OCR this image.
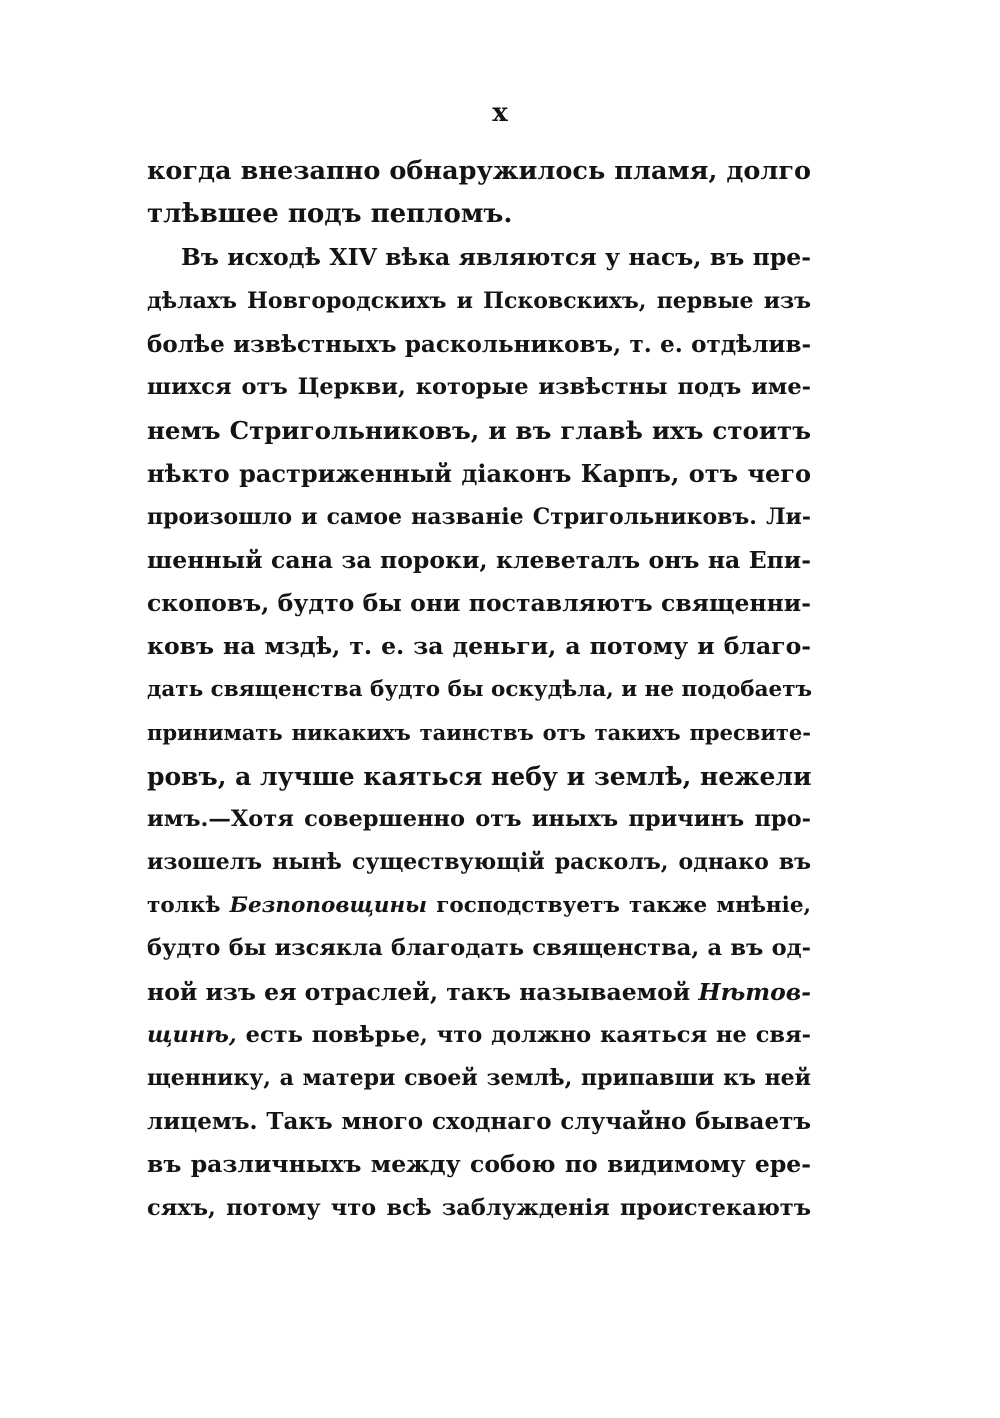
x
когда внезапно обнаружилось пламя, долго
тлѣвшее подъ пепломъ.
Въ исходѣ XIV вѣка являются у насъ, въ пре-
дѣлахъ Новгородскихъ и Псковскихъ, первые изъ
болѣе извѣстныхъ раскольниковъ, т. е. отдѣлив-
шихся отъ Церкви, которые извѣстны подъ име-
немъ Стригольниковъ, и въ главѣ ихъ стоитъ
нѣкто растриженный діаконъ Карпъ, отъ чего
произошло и самое названіе Стригольниковъ. Ли-
шенный сана за пороки, клеветалъ онъ на Епи-
скоповъ, будто бы они поставляютъ священни-
ковъ на мздѣ, т. е. за деньги, а потому и благо-
дать священства будто бы оскудѣла, и не подобаетъ
принимать никакихъ таинствъ отъ такихъ пресвите-
ровъ, а лучше каяться небу и землѣ, нежели
имъ.—Хотя совершенно отъ иныхъ причинъ про-
изошелъ нынѣ существующій расколъ, однако въ
толкѣ Безпоповщины господствуетъ также мнѣніе,
будто бы изсякла благодать священства, а въ од-
ной изъ ея отраслей, такъ называемой Нѣтов-
щинѣ, есть повѣрье, что должно каяться не свя-
щеннику, а матери своей землѣ, припавши къ ней
лицемъ. Такъ много сходнаго случайно бываетъ
въ различныхъ между собою по видимому ере-
сяхъ, потому что всѣ заблужденія проистекаютъ
